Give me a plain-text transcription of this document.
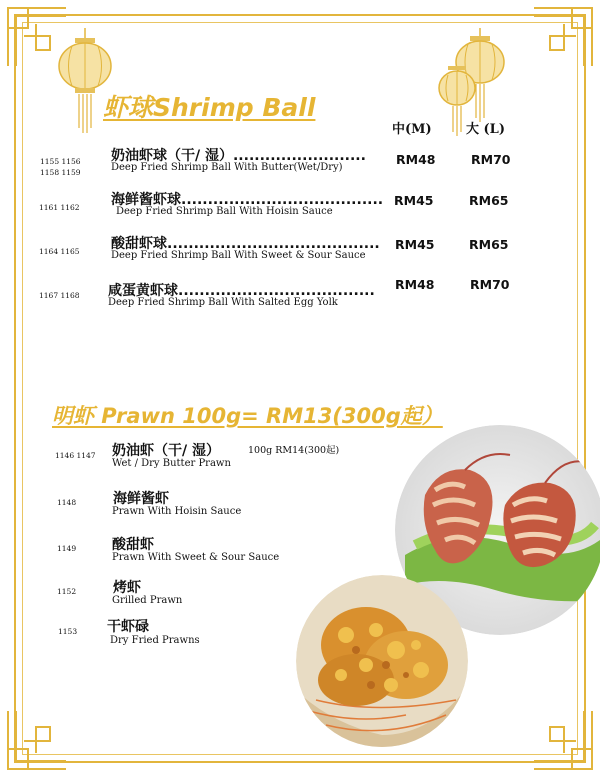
虾球Shrimp Ball
中(M)	大 (L)
1155 1156
1158 1159
奶油虾球（干/ 湿）.........................
Deep Fried Shrimp Ball With Butter(Wet/Dry)
RM48	RM70
1161 1162 海鲜酱虾球......................................
Deep Fried Shrimp Ball With Hoisin Sauce
RM45	RM65
1164 1165 酸甜虾球........................................
Deep Fried Shrimp Ball With Sweet & Sour Sauce
RM45	RM65
1167 1168 咸蛋黄虾球.....................................
Deep Fried Shrimp Ball With Salted Egg Yolk
RM48	RM70
明虾 Prawn 100g= RM13(300g起）
1146 1147 奶油虾（干/ 湿）	100g RM14(300起)
Wet / Dry Butter Prawn
1148	海鲜酱虾
Prawn With Hoisin Sauce
1149	酸甜虾
Prawn With Sweet & Sour Sauce
1152	烤虾
Grilled Prawn
1153 干虾碌
Dry Fried Prawns
